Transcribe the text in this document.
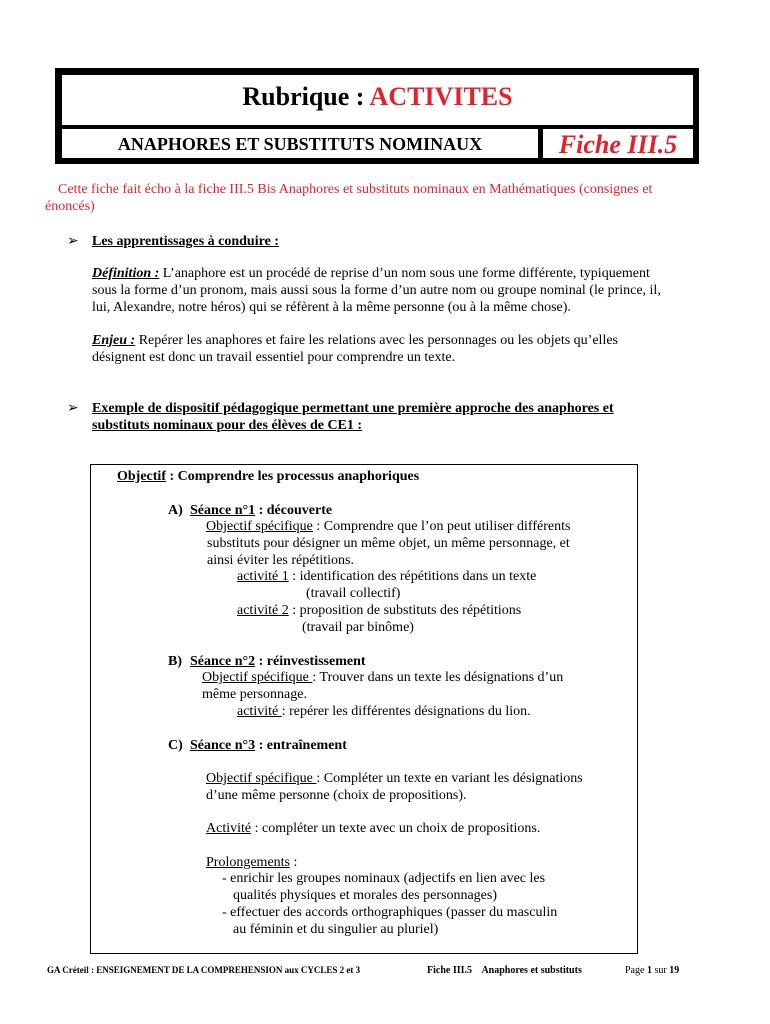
Rubrique : ACTIVITES
ANAPHORES ET SUBSTITUTS NOMINAUX	Fiche III.5
Cette fiche fait écho à la fiche III.5 Bis Anaphores et substituts nominaux en Mathématiques (consignes et
énoncés)
➢ Les apprentissages à conduire :
Définition : L’anaphore est un procédé de reprise d’un nom sous une forme différente, typiquement
sous la forme d’un pronom, mais aussi sous la forme d’un autre nom ou groupe nominal (le prince, il,
lui, Alexandre, notre héros) qui se réfèrent à la même personne (ou à la même chose).
Enjeu : Repérer les anaphores et faire les relations avec les personnages ou les objets qu’elles
désignent est donc un travail essentiel pour comprendre un texte.
➢ Exemple de dispositif pédagogique permettant une première approche des anaphores et
substituts nominaux pour des élèves de CE1 :
Objectif : Comprendre les processus anaphoriques
A) Séance n°1 : découverte
Objectif spécifique : Comprendre que l’on peut utiliser différents
substituts pour désigner un même objet, un même personnage, et
ainsi éviter les répétitions.
activité 1 : identification des répétitions dans un texte
(travail collectif)
activité 2 : proposition de substituts des répétitions
(travail par binôme)
B) Séance n°2 : réinvestissement
Objectif spécifique : Trouver dans un texte les désignations d’un
même personnage.
activité : repérer les différentes désignations du lion.
C) Séance n°3 : entraînement
Objectif spécifique : Compléter un texte en variant les désignations
d’une même personne (choix de propositions).
Activité : compléter un texte avec un choix de propositions.
Prolongements :
- enrichir les groupes nominaux (adjectifs en lien avec les
qualités physiques et morales des personnages)
- effectuer des accords orthographiques (passer du masculin
au féminin et du singulier au pluriel)
GA Créteil : ENSEIGNEMENT DE LA COMPREHENSION aux CYCLES 2 et 3	Fiche III.5    Anaphores et substituts	Page 1 sur 19
